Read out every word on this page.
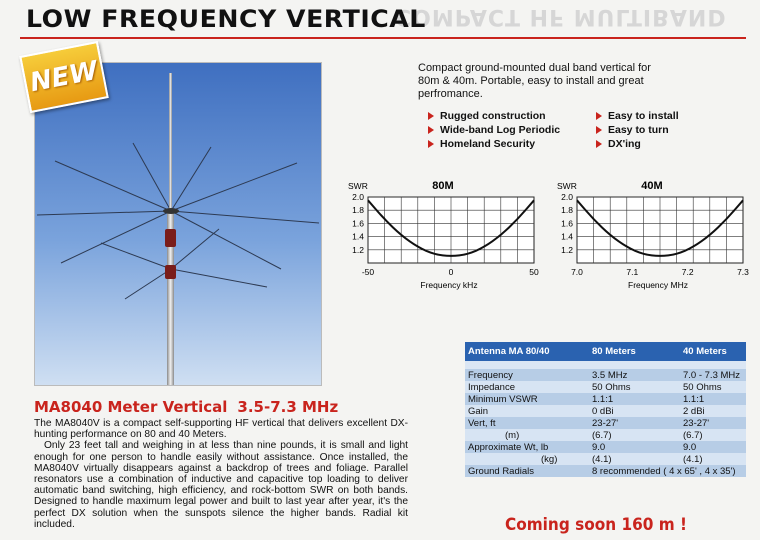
COMPACT HF MULTIBAND
LOW FREQUENCY VERTICAL
NEW	Compact ground-mounted dual band vertical for
80m & 40m. Portable, easy to install and great
perfromance.
Rugged construction
Wide-band Log Periodic
Homeland Security
Easy to install
Easy to turn
DX'ing
2.0
1.8
1.6
1.4
1.2
-50	0	50
SWR	80M
Frequency kHz
2.0
1.8
1.6
1.4
1.2
7.0	7.1	7.2	7.3
SWR	40M
Frequency MHz
MA8040 Meter Vertical 3.5-7.3 MHz

The MA8040V is a compact self-supporting HF vertical that delivers excellent DX-hunting performance on 80 and 40 Meters.

Only 23 feet tall and weighing in at less than nine pounds, it is small and light enough for one person to handle easily without assistance. Once installed, the MA8040V virtually disappears against a backdrop of trees and foliage. Parallel resonators use a combination of inductive and capacitive top loading to deliver automatic band switching, high efficiency, and rock-bottom SWR on both bands. Designed to handle maximum legal power and built to last year after year, it's the perfect DX solution when the sunspots silence the higher bands. Radial kit included.

Antenna MA 80/40	80 Meters	40 Meters

Frequency	3.5 MHz	7.0 - 7.3 MHz
Impedance	50 Ohms	50 Ohms
Minimum VSWR	1.1:1	1.1:1
Gain	0 dBi	2 dBi
Vert, ft	23-27'	23-27'
(m)	(6.7)	(6.7)
Approximate Wt, lb	9.0	9.0
(kg)	(4.1)	(4.1)
Ground Radials	8 recommended ( 4 x 65' , 4 x 35')	
Coming soon 160 m !
